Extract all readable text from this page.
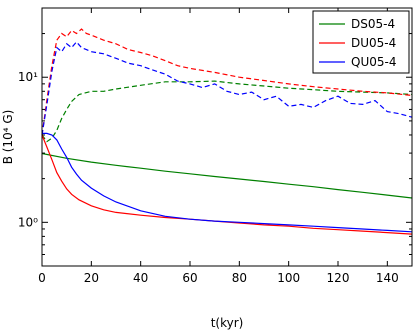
0	20	40	60	80	100 120 140
10⁰
10¹
t(kyr)
B (10⁴ G)
DS05-4
DU05-4
QU05-4
